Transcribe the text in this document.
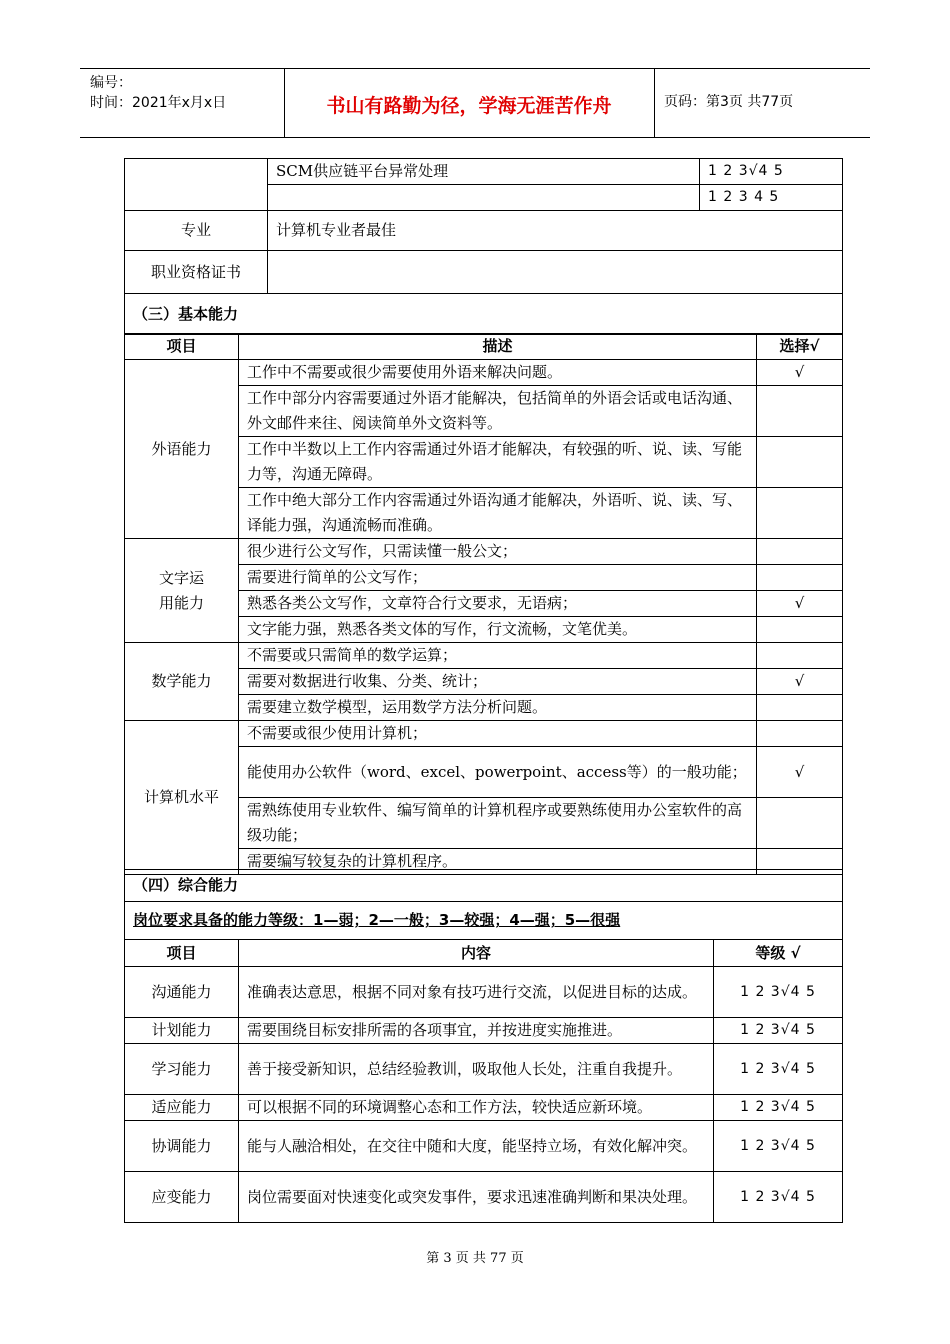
编号：
时间：2021年x月x日	书山有路勤为径，学海无涯苦作舟	页码：第3页 共77页
	SCM供应链平台异常处理	1 2 3√4 5
		1 2 3 4 5
专业	计算机专业者最佳	
职业资格证书		
（三）基本能力		
项目	描述	选择√
外语能力	工作中不需要或很少需要使用外语来解决问题。	√
	工作中部分内容需要通过外语才能解决，包括简单的外语会话或电话沟通、外文邮件来往、阅读简单外文资料等。	
	工作中半数以上工作内容需通过外语才能解决，有较强的听、说、读、写能力等，沟通无障碍。	
	工作中绝大部分工作内容需通过外语沟通才能解决，外语听、说、读、写、译能力强，沟通流畅而准确。	
文字运用能力	很少进行公文写作，只需读懂一般公文；	
	需要进行简单的公文写作；	
	熟悉各类公文写作，文章符合行文要求，无语病；	√
	文字能力强，熟悉各类文体的写作，行文流畅，文笔优美。	
数学能力	不需要或只需简单的数学运算；	
	需要对数据进行收集、分类、统计；	√
	需要建立数学模型，运用数学方法分析问题。	
计算机水平	不需要或很少使用计算机；	
	能使用办公软件（word、excel、powerpoint、access等）的一般功能；	√
	需熟练使用专业软件、编写简单的计算机程序或要熟练使用办公室软件的高级功能；	
	需要编写较复杂的计算机程序。	
（四）综合能力		
岗位要求具备的能力等级：1—弱；2—一般；3—较强；4—强；5—很强		
项目	内容	等级 √
沟通能力	准确表达意思，根据不同对象有技巧进行交流，以促进目标的达成。	1 2 3√4 5
计划能力	需要围绕目标安排所需的各项事宜，并按进度实施推进。	1 2 3√4 5
学习能力	善于接受新知识，总结经验教训，吸取他人长处，注重自我提升。	1 2 3√4 5
适应能力	可以根据不同的环境调整心态和工作方法，较快适应新环境。	1 2 3√4 5
协调能力	能与人融洽相处，在交往中随和大度，能坚持立场，有效化解冲突。	1 2 3√4 5
应变能力	岗位需要面对快速变化或突发事件，要求迅速准确判断和果决处理。	1 2 3√4 5
第 3 页 共 77 页
